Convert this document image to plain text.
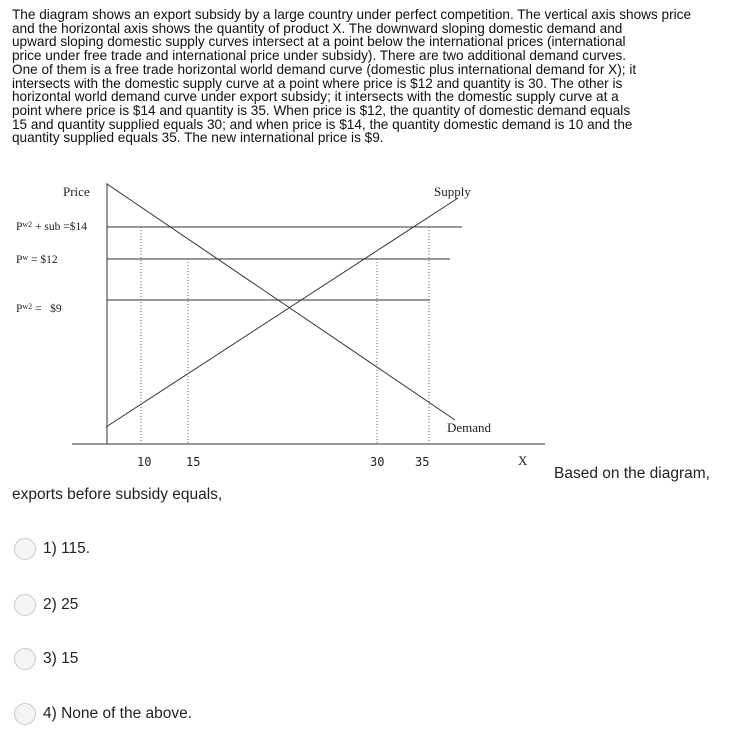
The diagram shows an export subsidy by a large country under perfect competition. The vertical axis shows price
and the horizontal axis shows the quantity of product X. The downward sloping domestic demand and
upward sloping domestic supply curves intersect at a point below the international prices (international
price under free trade and international price under subsidy). There are two additional demand curves.
One of them is a free trade horizontal world demand curve (domestic plus international demand for X); it
intersects with the domestic supply curve at a point where price is $12 and quantity is 30. The other is
horizontal world demand curve under export subsidy; it intersects with the domestic supply curve at a
point where price is $14 and quantity is 35. When price is $12, the quantity of domestic demand equals
15 and quantity supplied equals 30; and when price is $14, the quantity domestic demand is 10 and the
quantity supplied equals 35. The new international price is $9.
Price
X
Supply
Demand
$P^{w2}$ + sub =$14
$P^w$ = $12
$P^{w2}$ =   $9
10	15	30	35
Based on the diagram,
exports before subsidy equals,
1) 115.
2) 25
3) 15
4) None of the above.
